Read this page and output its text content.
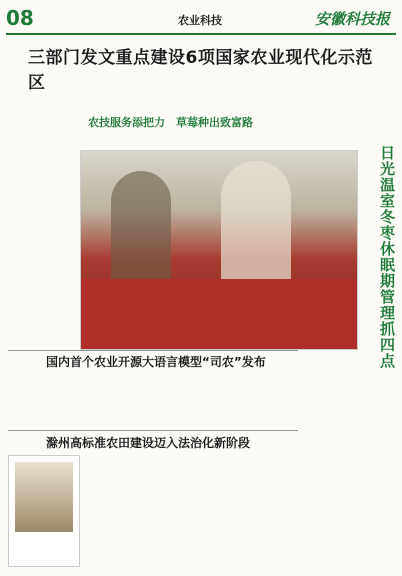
08	农业科技	安徽科技报
三部门发文重点建设6项国家农业现代化示范区
农技服务添把力	草莓种出致富路
日光温室冬枣休眠期管理抓四点
国内首个农业开源大语言模型“司农”发布
滁州高标准农田建设迈入法治化新阶段
